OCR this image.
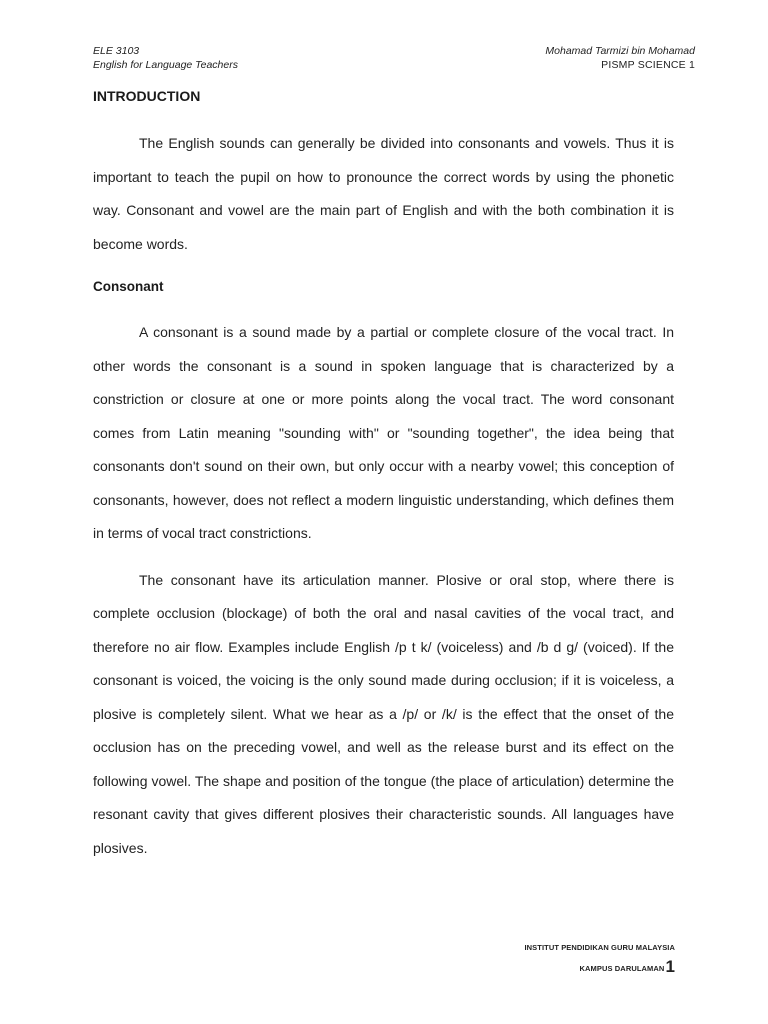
ELE 3103
English for Language Teachers
Mohamad Tarmizi bin Mohamad
PISMP SCIENCE 1
INTRODUCTION

The English sounds can generally be divided into consonants and vowels. Thus it is important to teach the pupil on how to pronounce the correct words by using the phonetic way. Consonant and vowel are the main part of English and with the both combination it is become words.

Consonant

A consonant is a sound made by a partial or complete closure of the vocal tract. In other words the consonant is a sound in spoken language that is characterized by a constriction or closure at one or more points along the vocal tract. The word consonant comes from Latin meaning "sounding with" or "sounding together", the idea being that consonants don't sound on their own, but only occur with a nearby vowel; this conception of consonants, however, does not reflect a modern linguistic understanding, which defines them in terms of vocal tract constrictions.

The consonant have its articulation manner. Plosive or oral stop, where there is complete occlusion (blockage) of both the oral and nasal cavities of the vocal tract, and therefore no air flow. Examples include English /p t k/ (voiceless) and /b d g/ (voiced). If the consonant is voiced, the voicing is the only sound made during occlusion; if it is voiceless, a plosive is completely silent. What we hear as a /p/ or /k/ is the effect that the onset of the occlusion has on the preceding vowel, and well as the release burst and its effect on the following vowel. The shape and position of the tongue (the place of articulation) determine the resonant cavity that gives different plosives their characteristic sounds. All languages have plosives.

INSTITUT PENDIDIKAN GURU MALAYSIA
KAMPUS DARULAMAN 1
